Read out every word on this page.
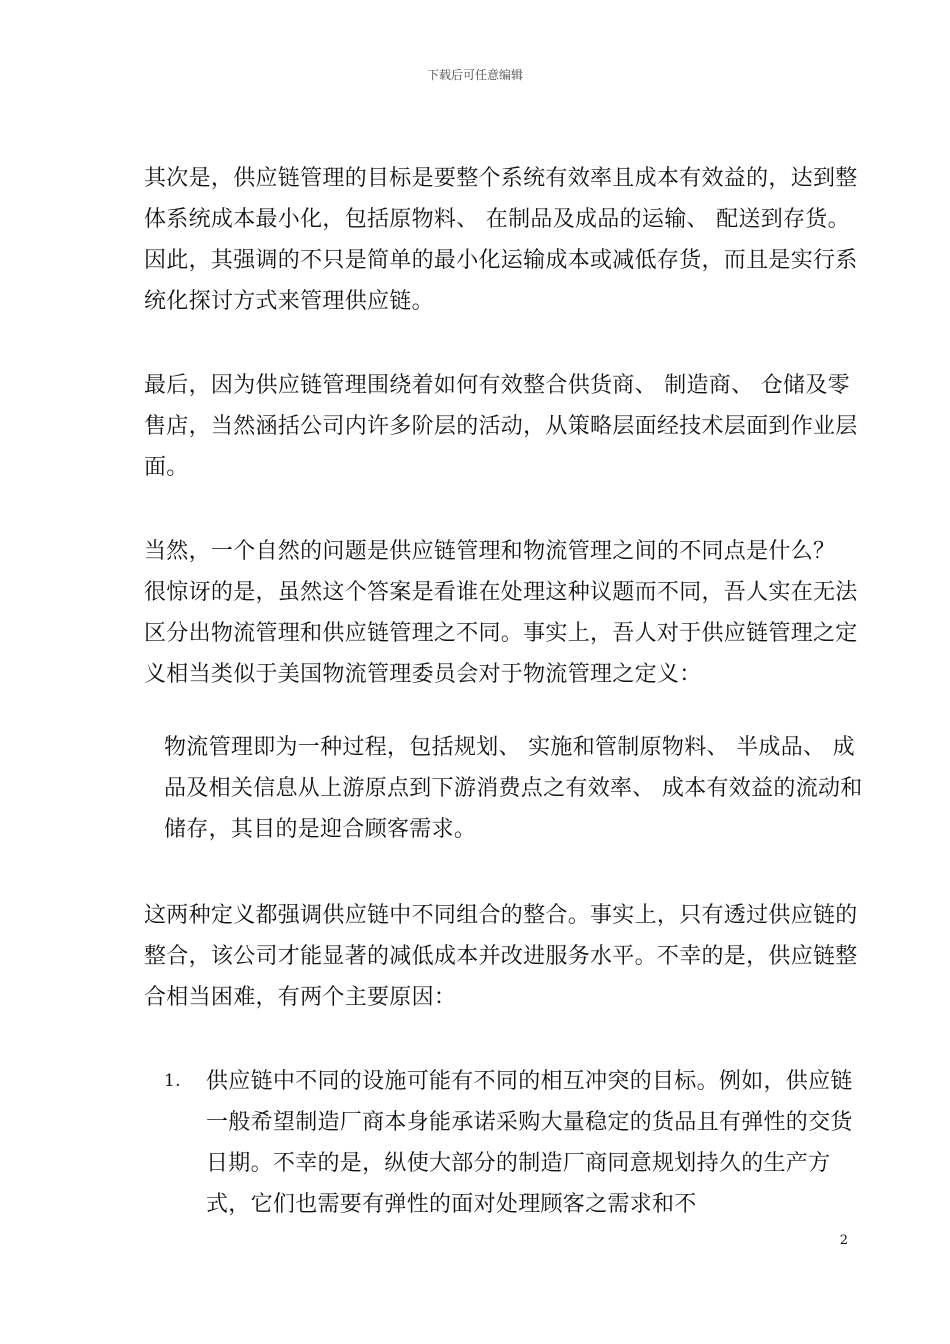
下载后可任意编辑

其次是，供应链管理的目标是要整个系统有效率且成本有效益的，达到整体系统成本最小化，包括原物料、 在制品及成品的运输、 配送到存货。因此，其强调的不只是简单的最小化运输成本或减低存货，而且是实行系统化探讨方式来管理供应链。

最后，因为供应链管理围绕着如何有效整合供货商、 制造商、 仓储及零售店，当然涵括公司内许多阶层的活动，从策略层面经技术层面到作业层面。

当然，一个自然的问题是供应链管理和物流管理之间的不同点是什么？ 很惊讶的是，虽然这个答案是看谁在处理这种议题而不同，吾人实在无法区分出物流管理和供应链管理之不同。事实上，吾人对于供应链管理之定义相当类似于美国物流管理委员会对于物流管理之定义：

物流管理即为一种过程，包括规划、 实施和管制原物料、 半成品、 成品及相关信息从上游原点到下游消费点之有效率、 成本有效益的流动和储存，其目的是迎合顾客需求。

这两种定义都强调供应链中不同组合的整合。事实上，只有透过供应链的整合，该公司才能显著的减低成本并改进服务水平。不幸的是，供应链整合相当困难，有两个主要原因：

1. 供应链中不同的设施可能有不同的相互冲突的目标。例如，供应链一般希望制造厂商本身能承诺采购大量稳定的货品且有弹性的交货日期。不幸的是，纵使大部分的制造厂商同意规划持久的生产方式，它们也需要有弹性的面对处理顾客之需求和不
2
